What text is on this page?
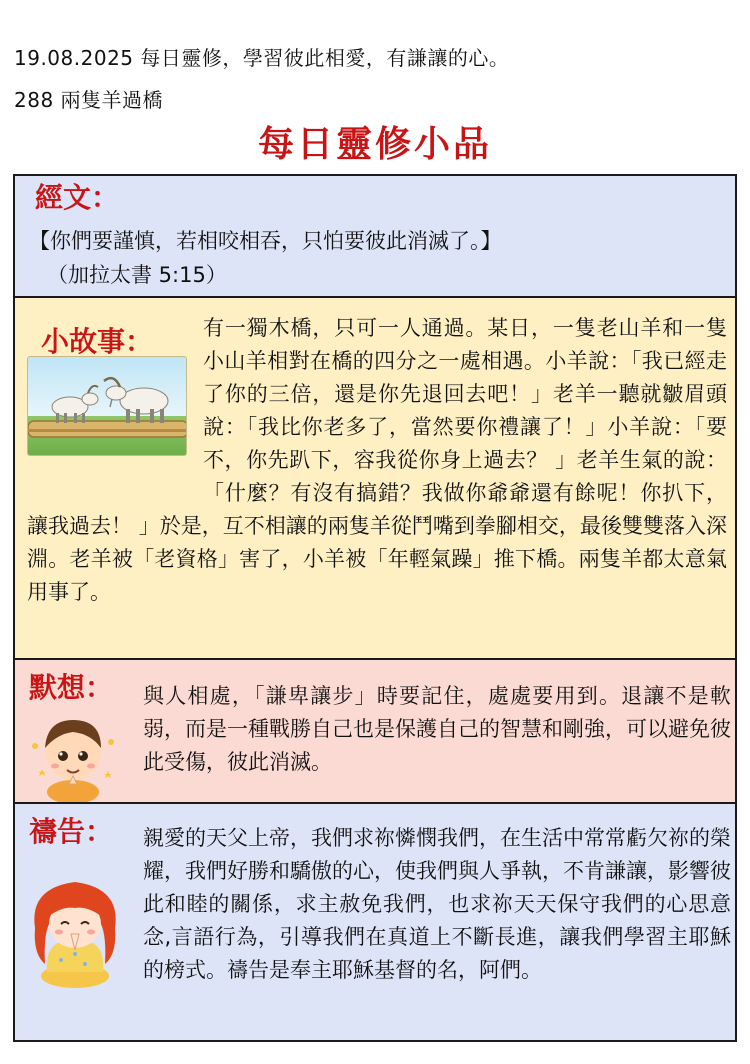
19.08.2025 每日靈修，學習彼此相愛，有謙讓的心。
288 兩隻羊過橋
每日靈修小品
經文：
【你們要謹慎，若相咬相吞，只怕要彼此消滅了。】
（加拉太書 5:15）
小故事： 有一獨木橋，只可一人通過。某日，一隻老山羊和一隻小山羊相對在橋的四分之一處相遇。小羊說：「我已經走了你的三倍，還是你先退回去吧！」老羊一聽就皺眉頭說：「我比你老多了，當然要你禮讓了！」小羊說：「要不，你先趴下，容我從你身上過去？ 」老羊生氣的說：「什麼？有沒有搞錯？我做你爺爺還有餘呢！你扒下，讓我過去！ 」於是，互不相讓的兩隻羊從鬥嘴到拳腳相交，最後雙雙落入深淵。老羊被「老資格」害了，小羊被「年輕氣躁」推下橋。兩隻羊都太意氣用事了。
默想： 與人相處，「謙卑讓步」時要記住，處處要用到。退讓不是軟弱，而是一種戰勝自己也是保護自己的智慧和剛強，可以避免彼此受傷，彼此消滅。
禱告： 親愛的天父上帝，我們求祢憐憫我們，在生活中常常虧欠祢的榮耀，我們好勝和驕傲的心，使我們與人爭執，不肯謙讓，影響彼此和睦的關係，求主赦免我們，也求祢天天保守我們的心思意念,言語行為，引導我們在真道上不斷長進，讓我們學習主耶穌的榜式。禱告是奉主耶穌基督的名，阿們。
